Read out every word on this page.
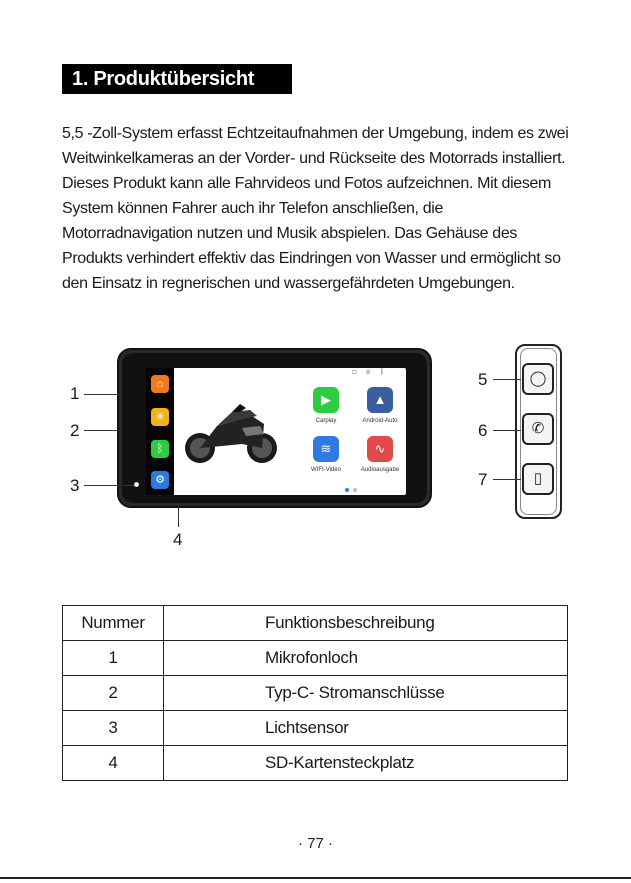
1. Produktübersicht

5,5 -Zoll-System erfasst Echtzeitaufnahmen der Umgebung, indem es zwei Weitwinkelkameras an der Vorder- und Rückseite des Motorrads installiert. Dieses Produkt kann alle Fahrvideos und Fotos aufzeichnen. Mit diesem System können Fahrer auch ihr Telefon anschließen, die Motorradnavigation nutzen und Musik abspielen. Das Gehäuse des Produkts verhindert effektiv das Eindringen von Wasser und ermöglicht so den Einsatz in regnerischen und wassergefährdeten Umgebungen.

⌂
☀
ᛒ
⚙
▢◉ᛒ
▶
Carplay
▲
Android-Auto
≋
WIFI-Video
∿
Audioausgabe
1
2
3
4
◯
✆
▯
5
6
7
Nummer	Funktionsbeschreibung
1	Mikrofonloch
2	Typ-C- Stromanschlüsse
3	Lichtsensor
4	SD-Kartensteckplatz
· 77 ·
